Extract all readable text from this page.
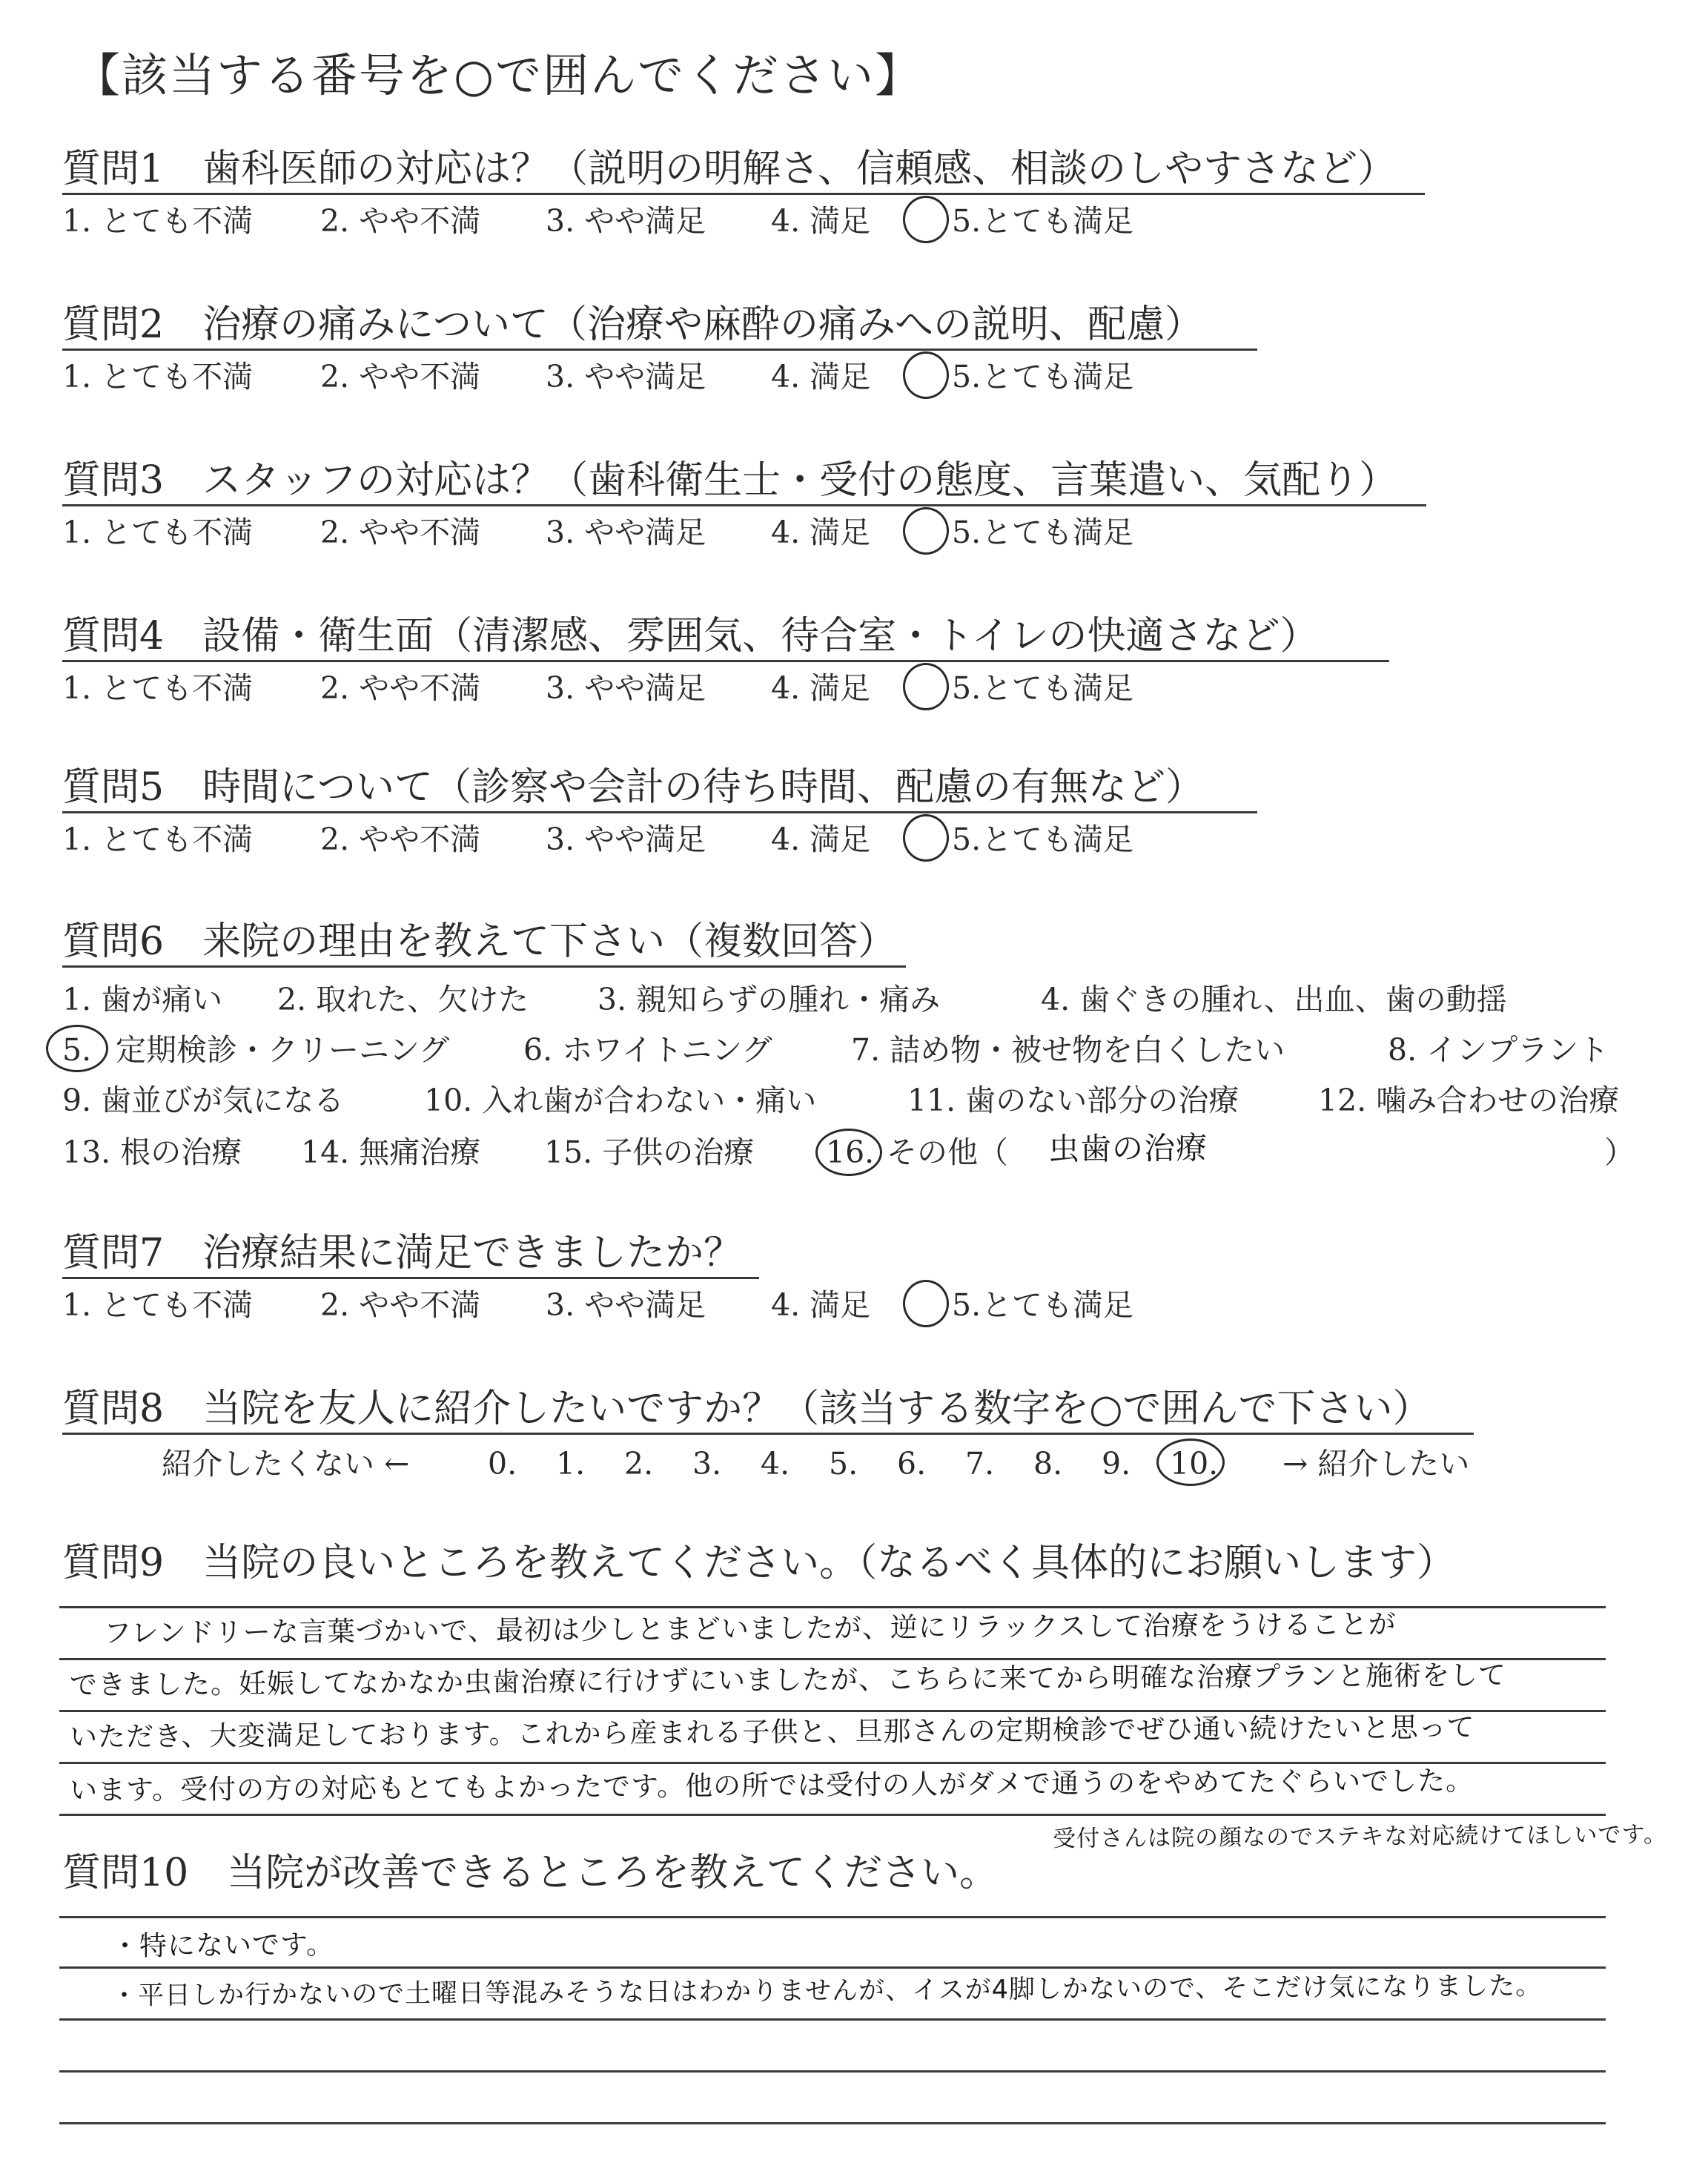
【該当する番号を○で囲んでください】
質問1　歯科医師の対応は？（説明の明解さ、信頼感、相談のしやすさなど）
1. とても不満 2. やや不満 3. やや満足 4. 満足	5. とても満足
質問2　治療の痛みについて（治療や麻酔の痛みへの説明、配慮）
1. とても不満 2. やや不満 3. やや満足 4. 満足	5. とても満足
質問3　スタッフの対応は？（歯科衛生士・受付の態度、言葉遣い、気配り）
1. とても不満 2. やや不満 3. やや満足 4. 満足	5. とても満足
質問4　設備・衛生面（清潔感、雰囲気、待合室・トイレの快適さなど）
1. とても不満 2. やや不満 3. やや満足 4. 満足	5. とても満足
質問5　時間について（診察や会計の待ち時間、配慮の有無など）
1. とても不満 2. やや不満 3. やや満足 4. 満足	5. とても満足
質問6　来院の理由を教えて下さい（複数回答）
1. 歯が痛い 2. 取れた、欠けた 3. 親知らずの腫れ・痛み	4. 歯ぐきの腫れ、出血、歯の動揺
5. 定期検診・クリーニング 6. ホワイトニング	7. 詰め物・被せ物を白くしたい	8. インプラント
9. 歯並びが気になる	10. 入れ歯が合わない・痛い	11. 歯のない部分の治療	12. 噛み合わせの治療
13. 根の治療 14. 無痛治療 15. 子供の治療 16. その他（ 虫歯の治療	）
質問7　治療結果に満足できましたか？
1. とても不満 2. やや不満 3. やや満足 4. 満足	5. とても満足
質問8　当院を友人に紹介したいですか？（該当する数字を○で囲んで下さい）
紹介したくない ←	0. 1. 2. 3. 4. 5. 6. 7. 8. 9. 10. → 紹介したい
質問9　当院の良いところを教えてください。（なるべく具体的にお願いします）
フレンドリーな言葉づかいで、最初は少しとまどいましたが、逆にリラックスして治療をうけることが
できました。妊娠してなかなか虫歯治療に行けずにいましたが、こちらに来てから明確な治療プランと施術をして
いただき、大変満足しております。これから産まれる子供と、旦那さんの定期検診でぜひ通い続けたいと思って
います。受付の方の対応もとてもよかったです。他の所では受付の人がダメで通うのをやめてたぐらいでした。
受付さんは院の顔なのでステキな対応続けてほしいです。
質問10　当院が改善できるところを教えてください。
・特にないです。
・平日しか行かないので土曜日等混みそうな日はわかりませんが、イスが4脚しかないので、そこだけ気になりました。
